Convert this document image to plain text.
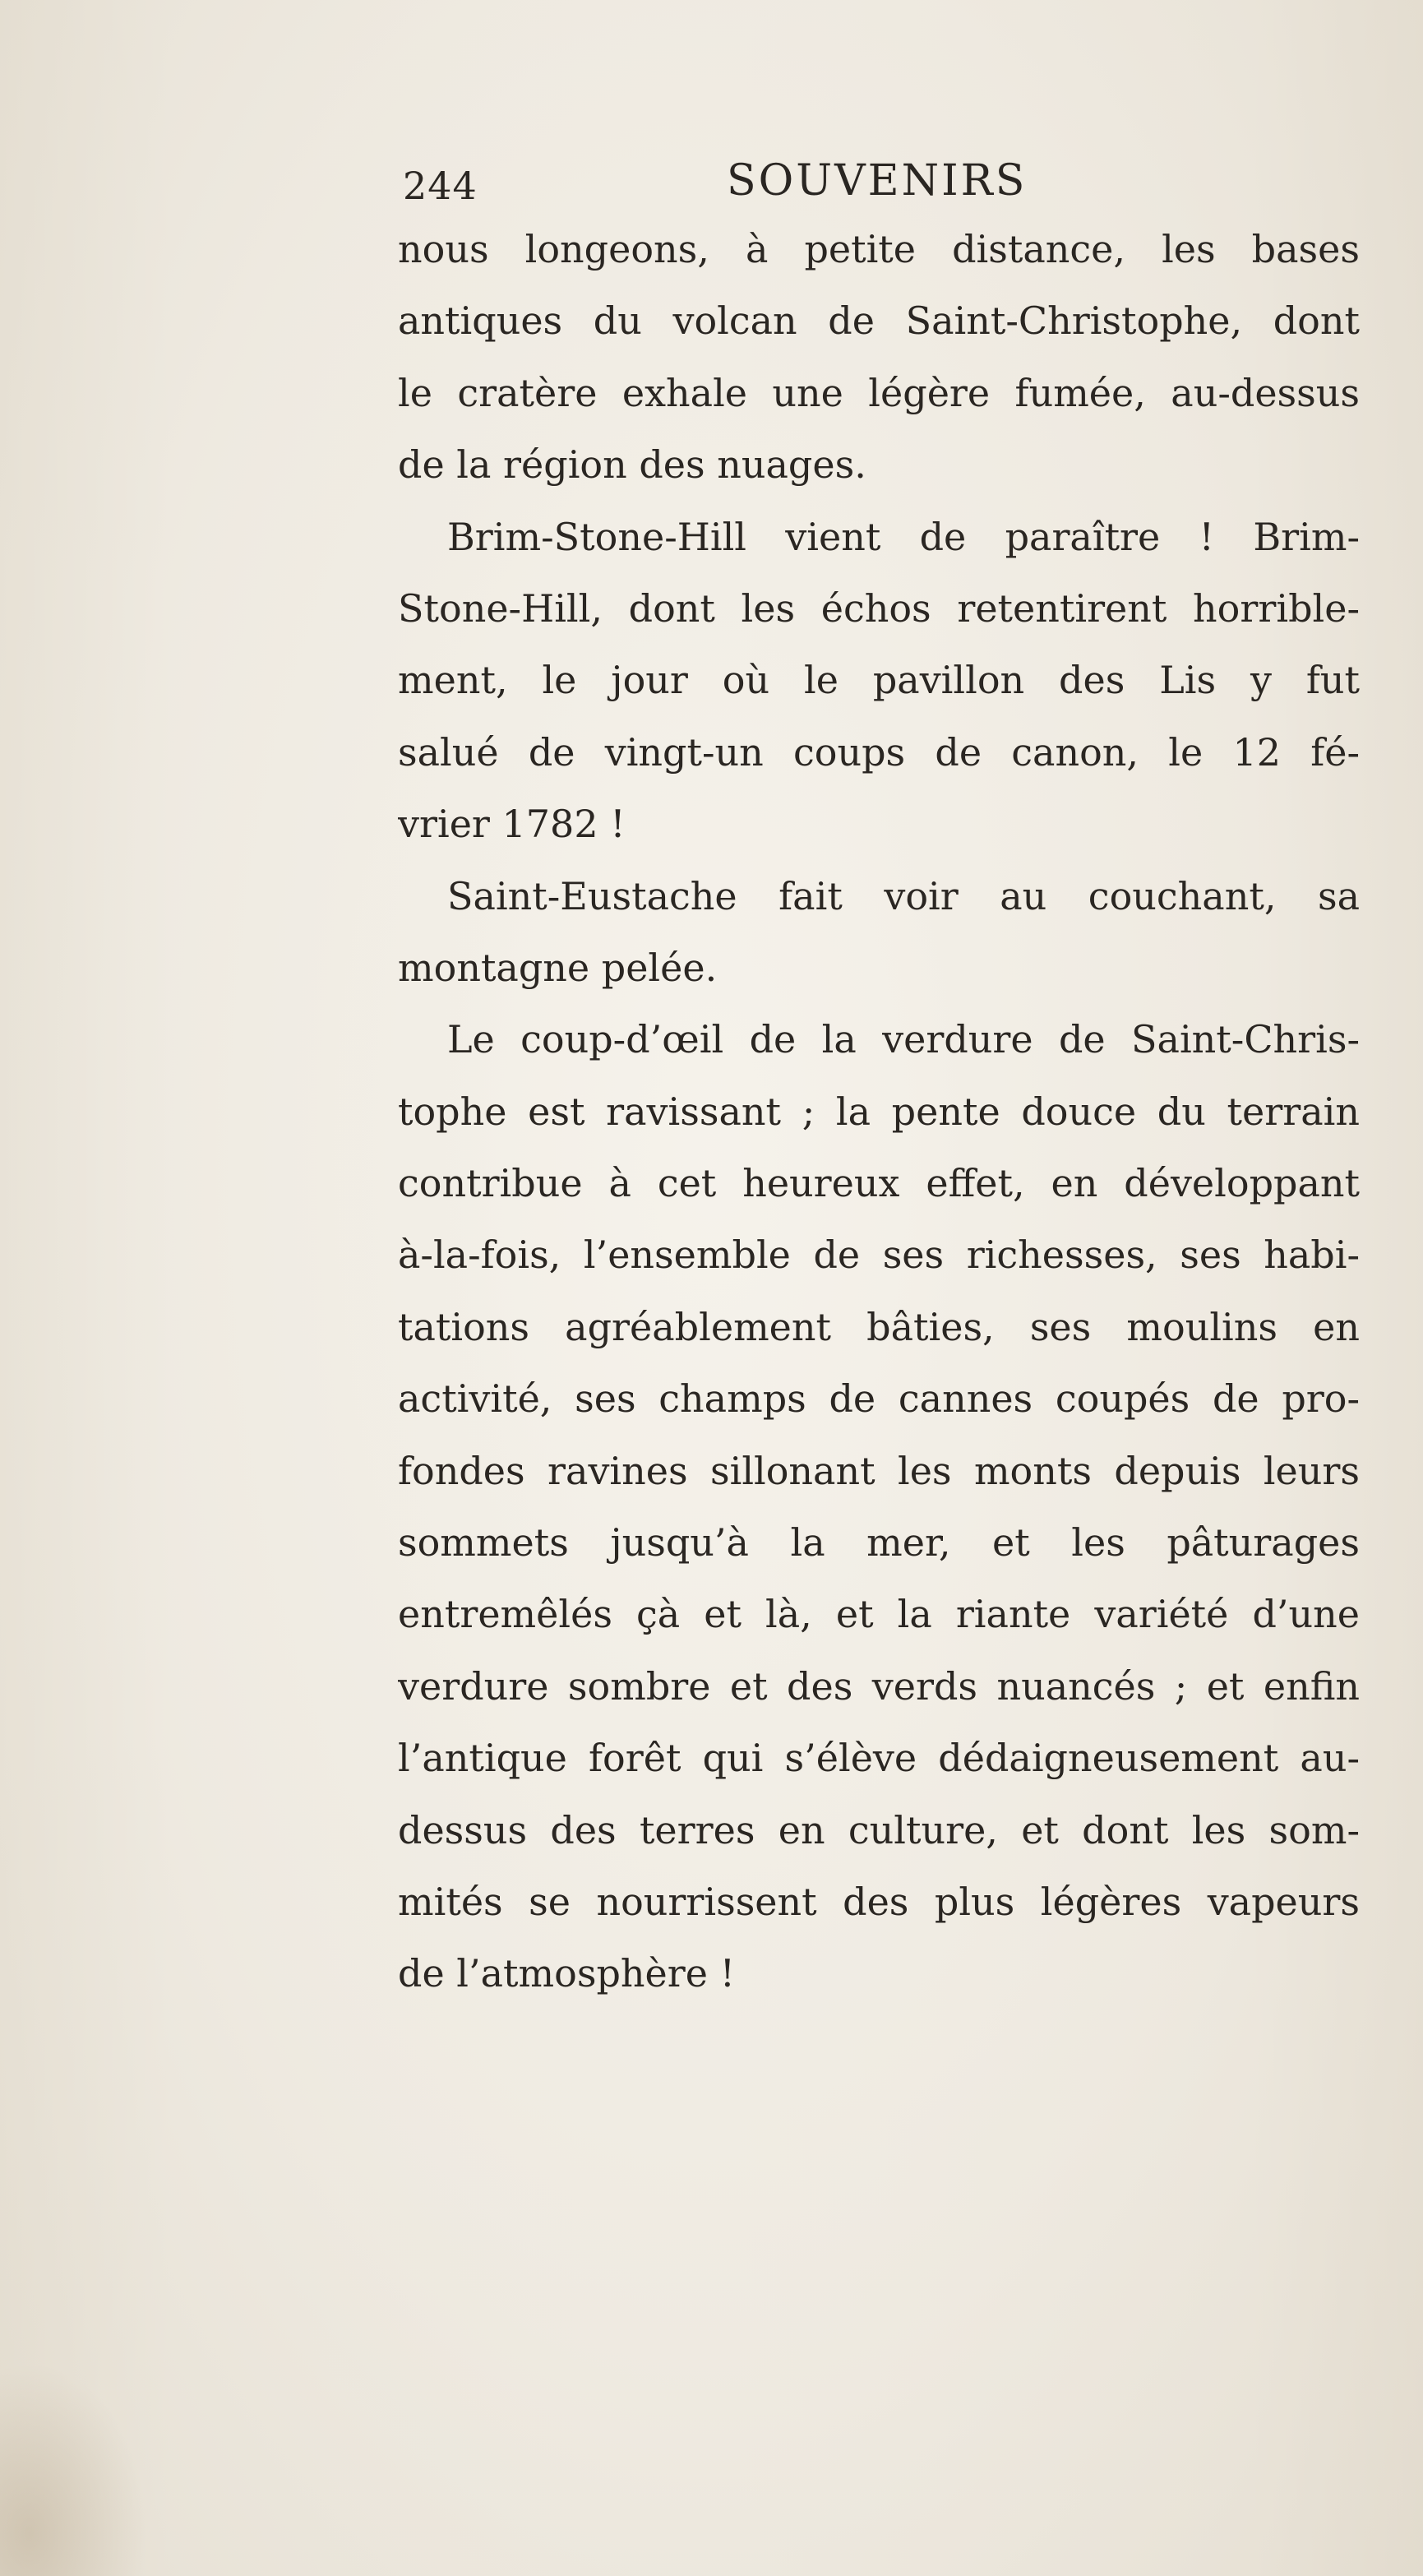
244	SOUVENIRS
nous longeons, à petite distance, les bases
antiques du volcan de Saint-Christophe, dont
le cratère exhale une légère fumée, au-dessus
de la région des nuages.
Brim-Stone-Hill vient de paraître ! Brim-
Stone-Hill, dont les échos retentirent horrible-
ment, le jour où le pavillon des Lis y fut
salué de vingt-un coups de canon, le 12 fé-
vrier 1782 !
Saint-Eustache fait voir au couchant, sa
montagne pelée.
Le coup-d’œil de la verdure de Saint-Chris-
tophe est ravissant ; la pente douce du terrain
contribue à cet heureux effet, en développant
à-la-fois, l’ensemble de ses richesses, ses habi-
tations agréablement bâties, ses moulins en
activité, ses champs de cannes coupés de pro-
fondes ravines sillonant les monts depuis leurs
sommets jusqu’à la mer, et les pâturages
entremêlés çà et là, et la riante variété d’une
verdure sombre et des verds nuancés ; et enfin
l’antique forêt qui s’élève dédaigneusement au-
dessus des terres en culture, et dont les som-
mités se nourrissent des plus légères vapeurs
de l’atmosphère !
